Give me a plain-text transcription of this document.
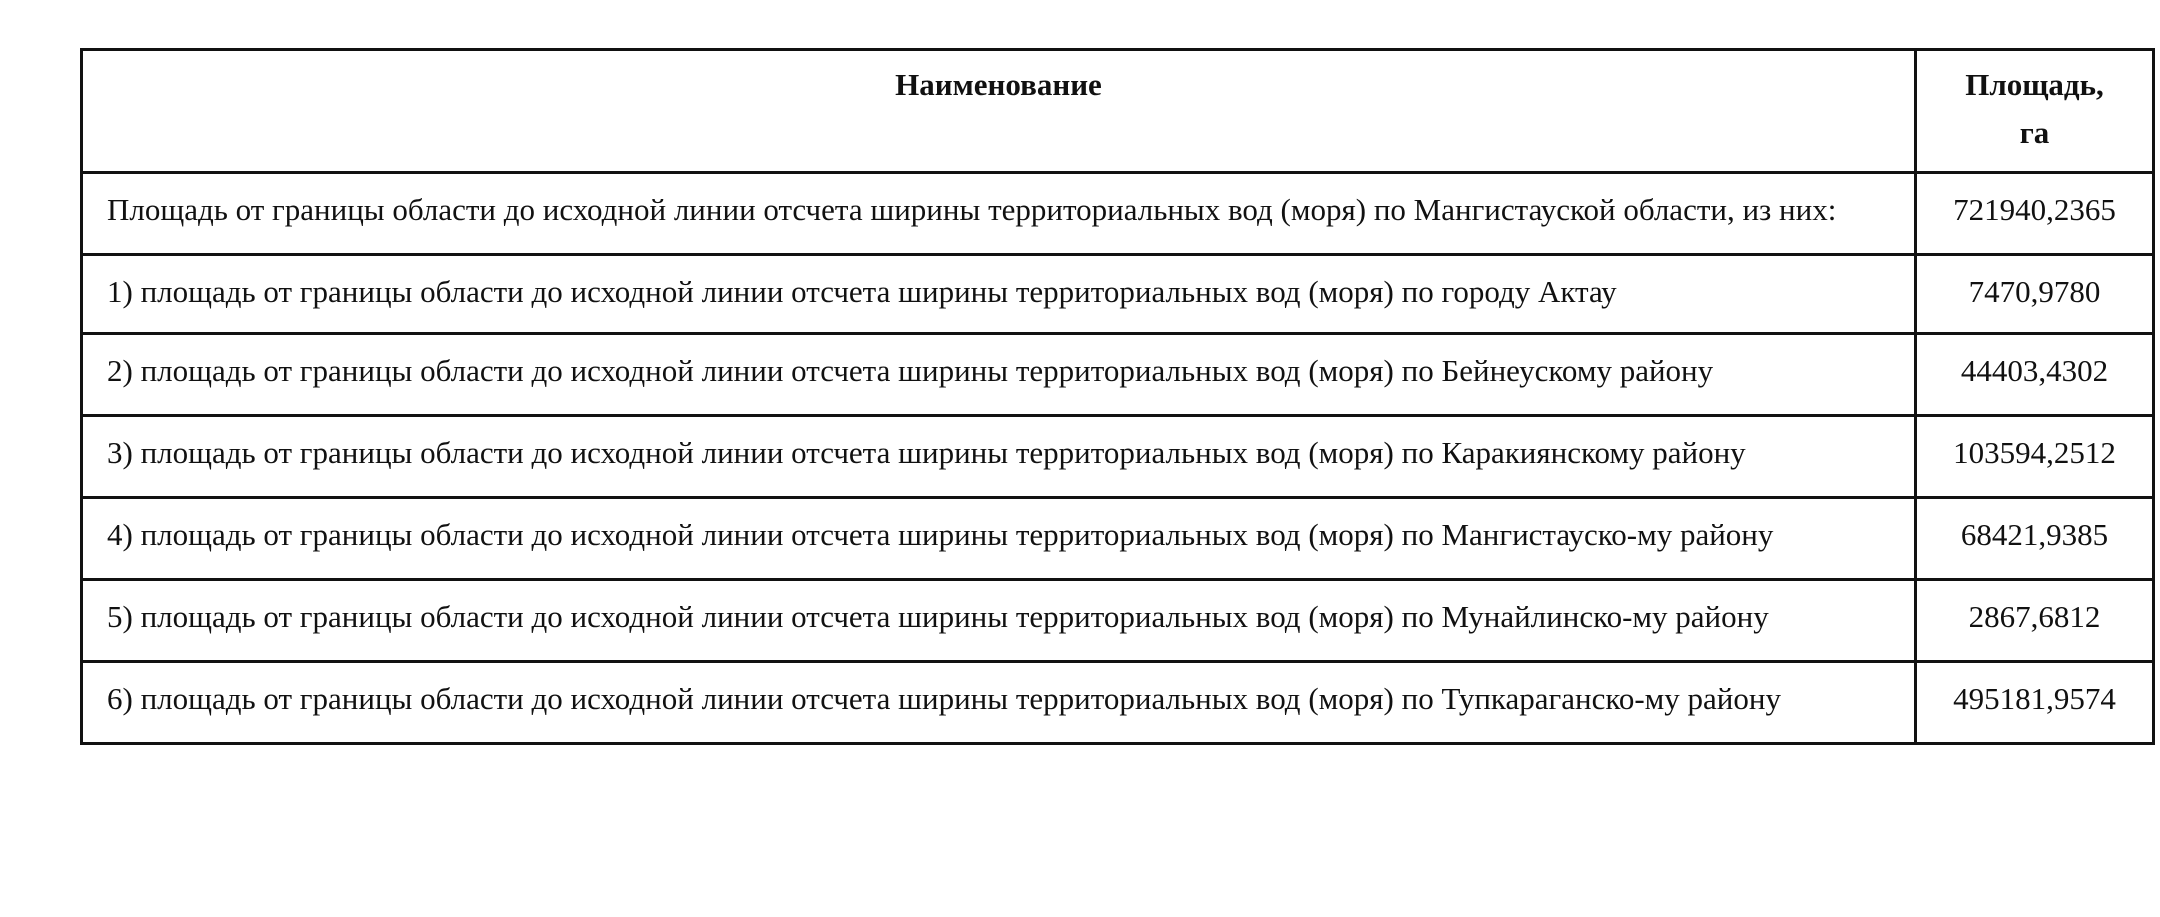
Наименование	Площадь,
га
Площадь от границы области до исходной линии отсчета ширины территориальных вод (моря) по Мангистауской области, из них:	721940,2365
1) площадь от границы области до исходной линии отсчета ширины территориальных вод (моря) по городу Актау	7470,9780
2) площадь от границы области до исходной линии отсчета ширины территориальных вод (моря) по Бейнеускому району	44403,4302
3) площадь от границы области до исходной линии отсчета ширины территориальных вод (моря) по Каракиянскому району	103594,2512
4) площадь от границы области до исходной линии отсчета ширины территориальных вод (моря) по Мангистауско-му району	68421,9385
5) площадь от границы области до исходной линии отсчета ширины территориальных вод (моря) по Мунайлинско-му району	2867,6812
6) площадь от границы области до исходной линии отсчета ширины территориальных вод (моря) по Тупкараганско-му району	495181,9574
